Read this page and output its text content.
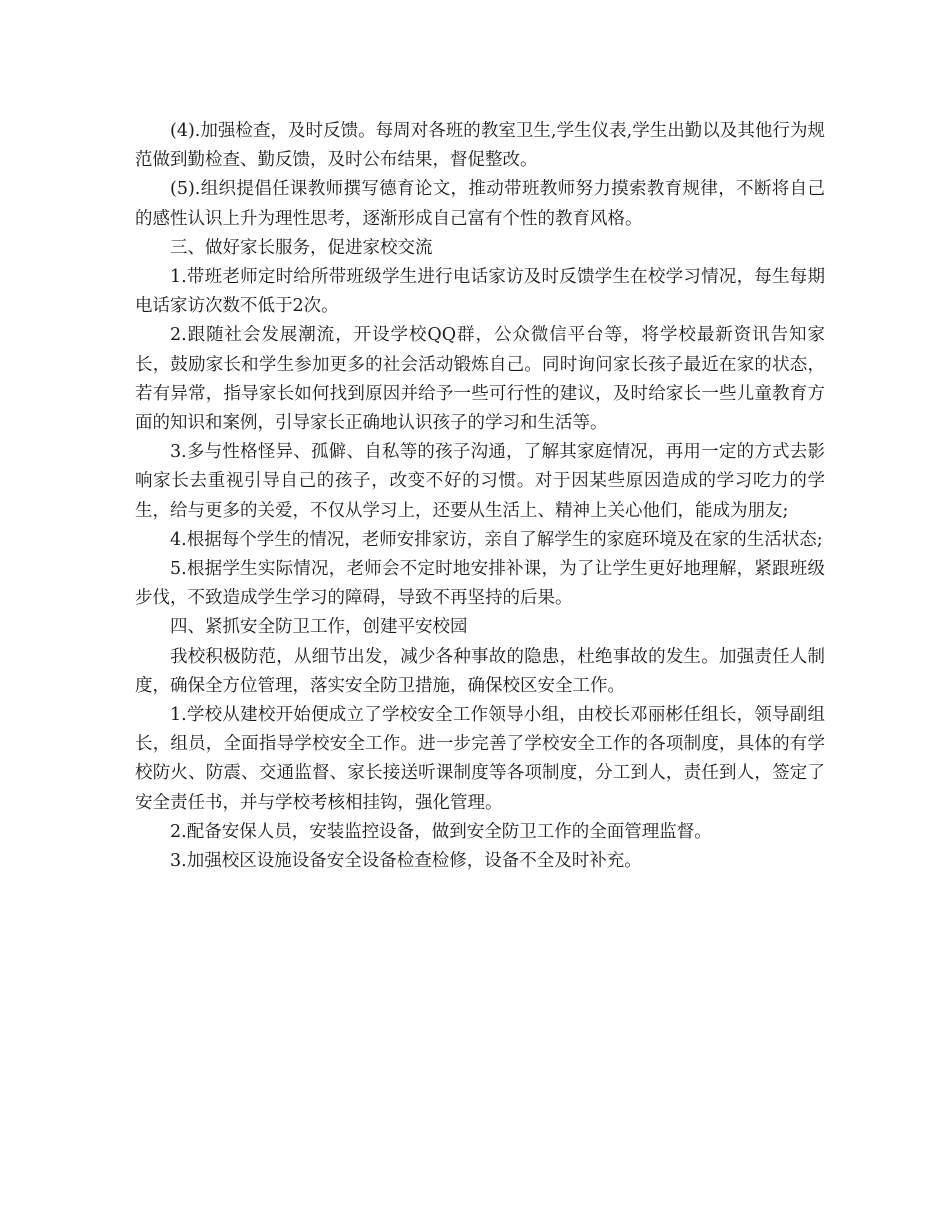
(4).加强检查，及时反馈。每周对各班的教室卫生,学生仪表,学生出勤以及其他行为规范做到勤检查、勤反馈，及时公布结果，督促整改。

(5).组织提倡任课教师撰写德育论文，推动带班教师努力摸索教育规律，不断将自己的感性认识上升为理性思考，逐渐形成自己富有个性的教育风格。

三、做好家长服务，促进家校交流

1.带班老师定时给所带班级学生进行电话家访及时反馈学生在校学习情况，每生每期电话家访次数不低于2次。

2.跟随社会发展潮流，开设学校QQ群，公众微信平台等，将学校最新资讯告知家长，鼓励家长和学生参加更多的社会活动锻炼自己。同时询问家长孩子最近在家的状态，若有异常，指导家长如何找到原因并给予一些可行性的建议，及时给家长一些儿童教育方面的知识和案例，引导家长正确地认识孩子的学习和生活等。

3.多与性格怪异、孤僻、自私等的孩子沟通，了解其家庭情况，再用一定的方式去影响家长去重视引导自己的孩子，改变不好的习惯。对于因某些原因造成的学习吃力的学生，给与更多的关爱，不仅从学习上，还要从生活上、精神上关心他们，能成为朋友;

4.根据每个学生的情况，老师安排家访，亲自了解学生的家庭环境及在家的生活状态;

5.根据学生实际情况，老师会不定时地安排补课，为了让学生更好地理解，紧跟班级步伐，不致造成学生学习的障碍，导致不再坚持的后果。

四、紧抓安全防卫工作，创建平安校园

我校积极防范，从细节出发，减少各种事故的隐患，杜绝事故的发生。加强责任人制度，确保全方位管理，落实安全防卫措施，确保校区安全工作。

1.学校从建校开始便成立了学校安全工作领导小组，由校长邓丽彬任组长，领导副组长，组员，全面指导学校安全工作。进一步完善了学校安全工作的各项制度，具体的有学校防火、防震、交通监督、家长接送听课制度等各项制度，分工到人，责任到人，签定了安全责任书，并与学校考核相挂钩，强化管理。

2.配备安保人员，安装监控设备，做到安全防卫工作的全面管理监督。

3.加强校区设施设备安全设备检查检修，设备不全及时补充。
